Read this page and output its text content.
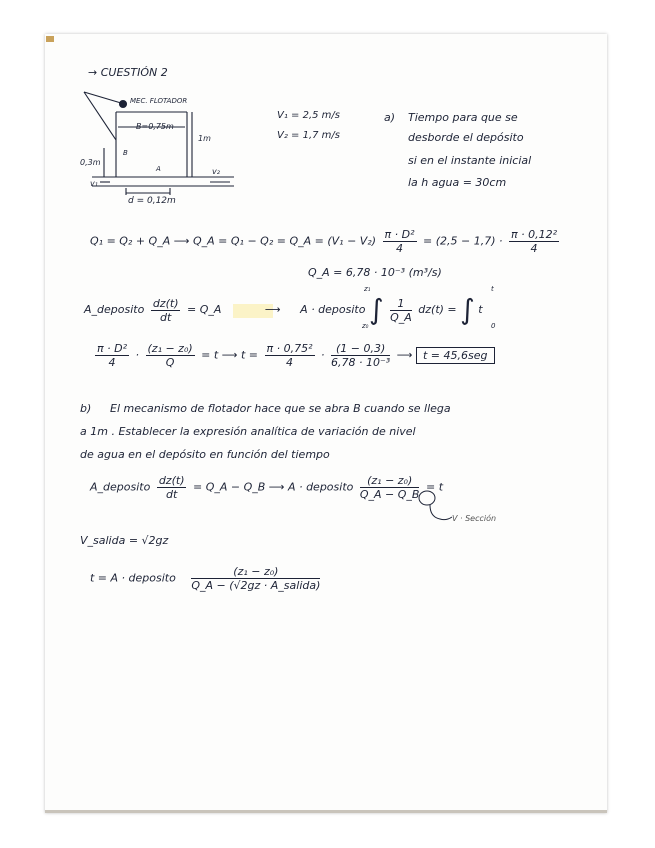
→ CUESTIÓN 2
MEC. FLOTADOR
B=0,75m
1m
0,3m
B
A
v₁
v₂
d = 0,12m
V₁ = 2,5 m/s
V₂ = 1,7 m/s
a) Tiempo para que se
desborde el depósito
si en el instante inicial
la h agua = 30cm
Q₁ = Q₂ + Q_A ⟶ Q_A = Q₁ − Q₂ = Q_A = $(V_1 - V_2) \frac{\text{π · D²}}{4} = (2,5 - 1,7) \cdot \frac{\text{π · 0,12²}}{4}$
Q_A = 6,78 · 10⁻³ (m³/s)
A_deposito $\frac{dz(t)}{dt}$ = Q_A	⟶ A · deposito ∫ $\frac{1}{Q\_A} dz(t)$ = ∫ t
z₁
z₀
t
0
$\frac{\text{π · D²}}{4} \cdot \frac{\text{(z₁ − z₀)}}{Q} = t$ ⟶ $t = \frac{\text{π · 0,75²}}{4} \cdot \frac{(1 - 0,3)}{\text{6,78 · 10⁻³}}$ ⟶ t = 45,6seg
b) El mecanismo de flotador hace que se abra B cuando se llega
a 1m . Establecer la expresión analítica de variación de nivel
de agua en el depósito en función del tiempo
A_deposito $\frac{dz(t)}{dt}$ = Q_A − Q_B ⟶ A · deposito $\frac{\text{(z₁ − z₀)}}{Q\_A - Q\_B} = t$
V · Sección
V_salida = √2gz
t = A · deposito $\frac{\text{(z₁ − z₀)}}{\text{Q\_A − (√2gz · A\_salida)}}$
